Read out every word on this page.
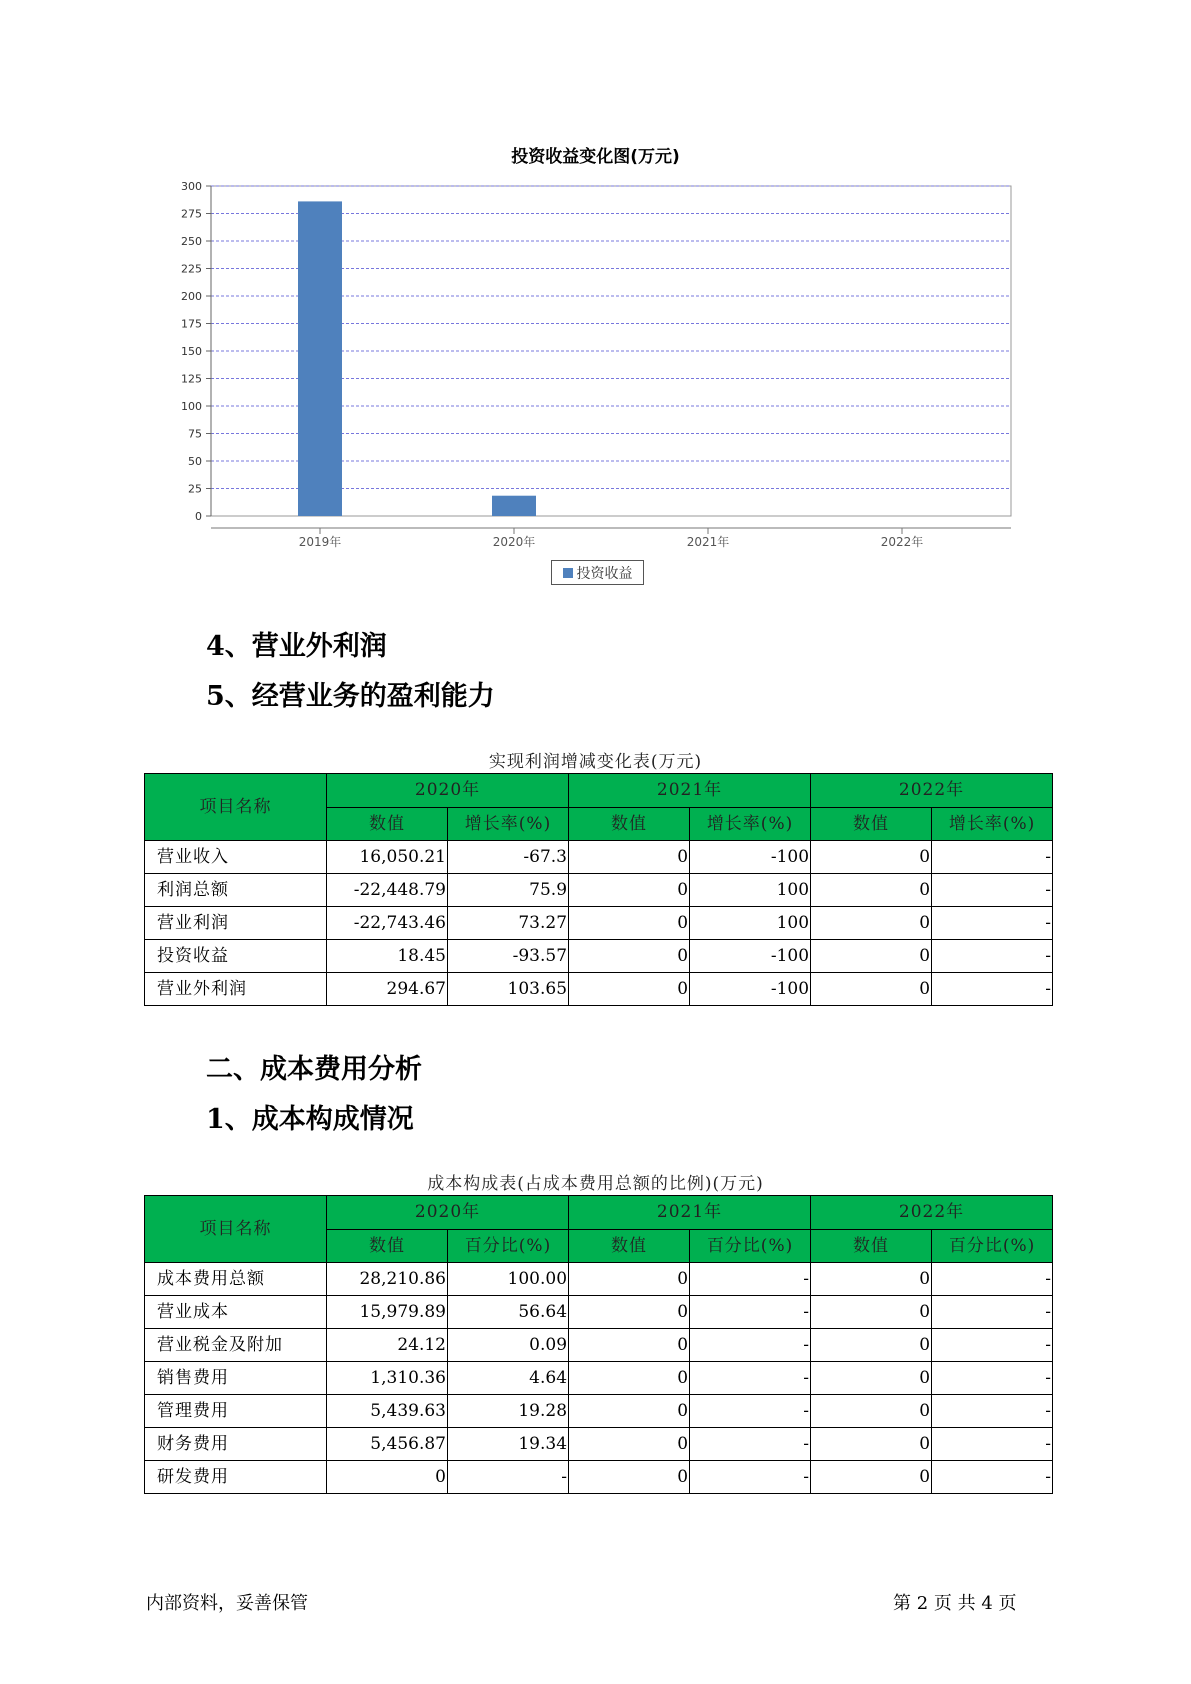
投资收益变化图(万元)
0
25
50
75
100
125
150
175
200
225
250
275
300
2019年	2020年	2021年	2022年
投资收益
4、营业外利润
5、经营业务的盈利能力
实现利润增减变化表(万元)
项目名称	2020年		2021年		2022年	
	数值	增长率(%)	数值	增长率(%)	数值	增长率(%)
营业收入	16,050.21	-67.3	0	-100	0	-
利润总额	-22,448.79	75.9	0	100	0	-
营业利润	-22,743.46	73.27	0	100	0	-
投资收益	18.45	-93.57	0	-100	0	-
营业外利润	294.67	103.65	0	-100	0	-
二、成本费用分析
1、成本构成情况
成本构成表(占成本费用总额的比例)(万元)
项目名称	2020年		2021年		2022年	
	数值	百分比(%)	数值	百分比(%)	数值	百分比(%)
成本费用总额	28,210.86	100.00	0	-	0	-
营业成本	15,979.89	56.64	0	-	0	-
营业税金及附加	24.12	0.09	0	-	0	-
销售费用	1,310.36	4.64	0	-	0	-
管理费用	5,439.63	19.28	0	-	0	-
财务费用	5,456.87	19.34	0	-	0	-
研发费用	0	-	0	-	0	-
内部资料，妥善保管	第 2 页 共 4 页
